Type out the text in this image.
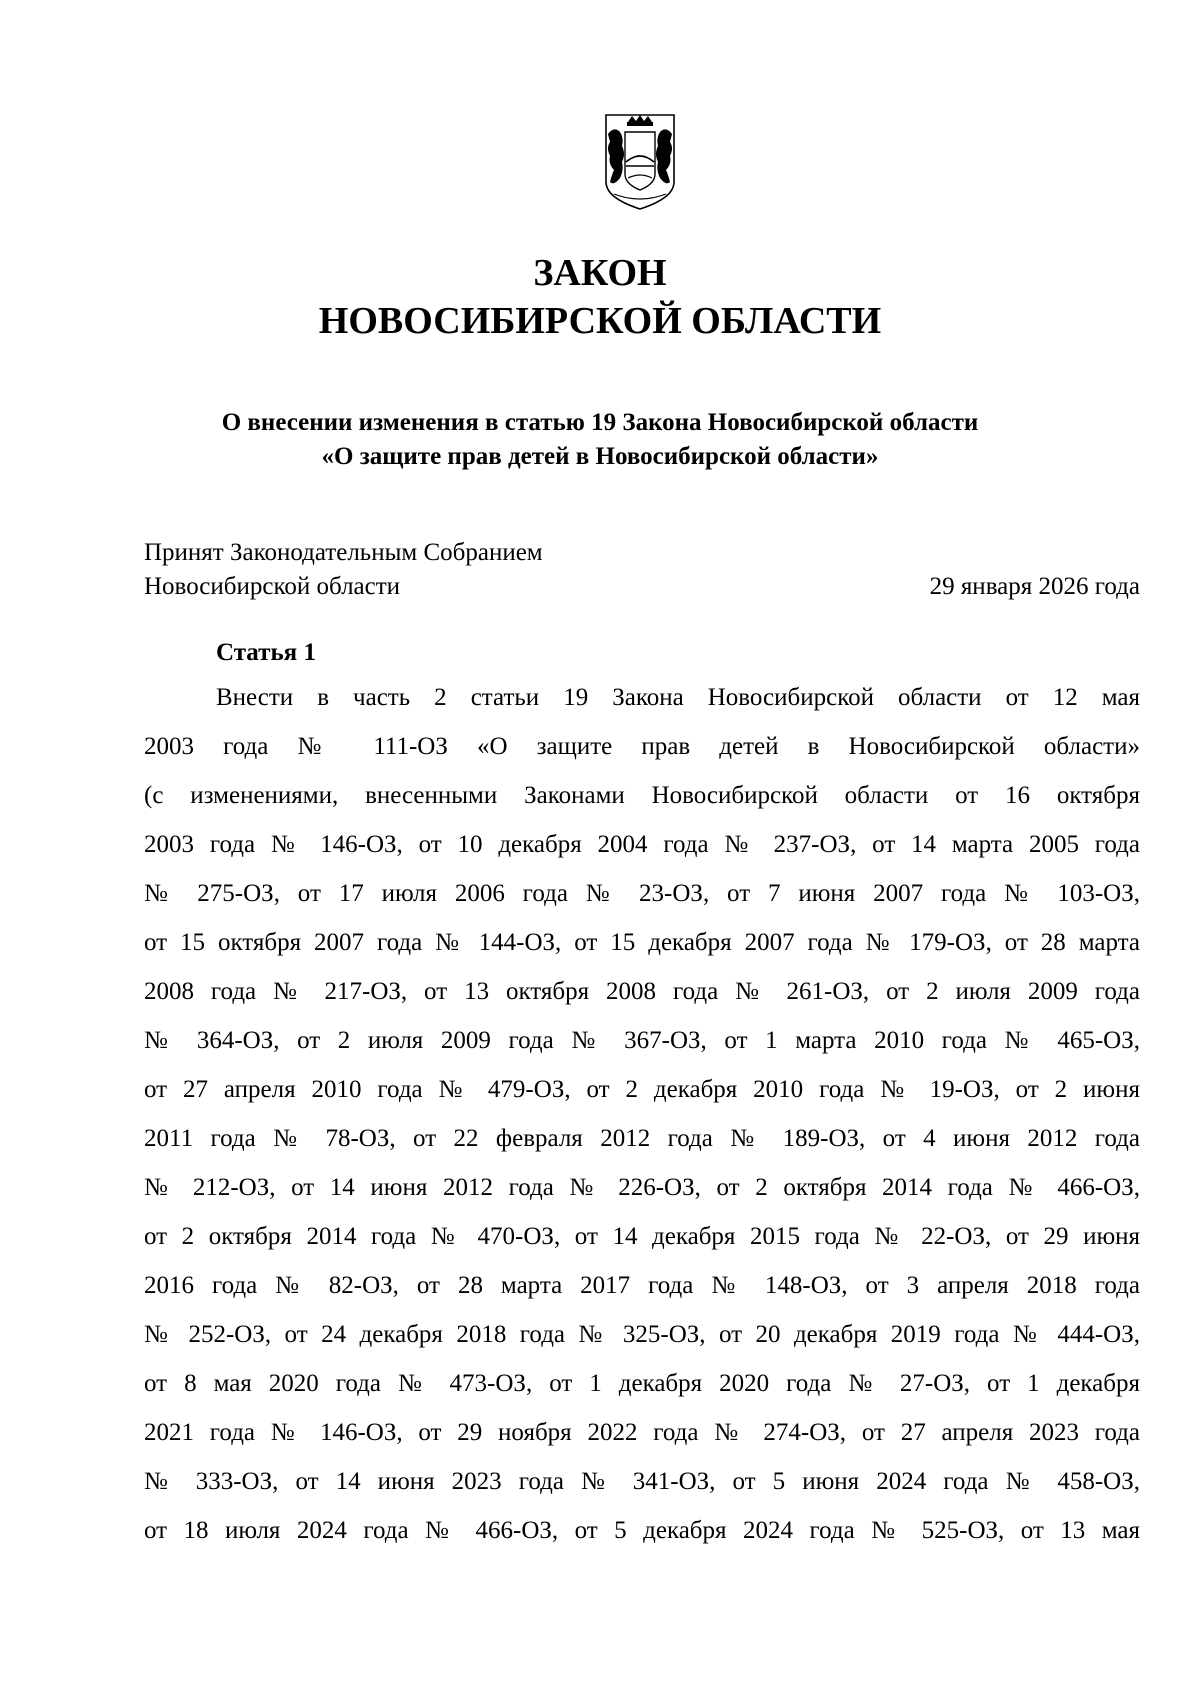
ЗАКОН
НОВОСИБИРСКОЙ ОБЛАСТИ
О внесении изменения в статью 19 Закона Новосибирской области
«О защите прав детей в Новосибирской области»
Принят Законодательным Собранием
Новосибирской области	29 января 2026 года
Статья 1
Внести в часть 2 статьи 19 Закона Новосибирской области от 12 мая
2003 года № 111-ОЗ «О защите прав детей в Новосибирской области»
(с изменениями, внесенными Законами Новосибирской области от 16 октября
2003 года № 146-ОЗ, от 10 декабря 2004 года № 237-ОЗ, от 14 марта 2005 года
№ 275-ОЗ, от 17 июля 2006 года № 23-ОЗ, от 7 июня 2007 года № 103-ОЗ,
от 15 октября 2007 года № 144-ОЗ, от 15 декабря 2007 года № 179-ОЗ, от 28 марта
2008 года № 217-ОЗ, от 13 октября 2008 года № 261-ОЗ, от 2 июля 2009 года
№ 364-ОЗ, от 2 июля 2009 года № 367-ОЗ, от 1 марта 2010 года № 465-ОЗ,
от 27 апреля 2010 года № 479-ОЗ, от 2 декабря 2010 года № 19-ОЗ, от 2 июня
2011 года № 78-ОЗ, от 22 февраля 2012 года № 189-ОЗ, от 4 июня 2012 года
№ 212-ОЗ, от 14 июня 2012 года № 226-ОЗ, от 2 октября 2014 года № 466-ОЗ,
от 2 октября 2014 года № 470-ОЗ, от 14 декабря 2015 года № 22-ОЗ, от 29 июня
2016 года № 82-ОЗ, от 28 марта 2017 года № 148-ОЗ, от 3 апреля 2018 года
№ 252-ОЗ, от 24 декабря 2018 года № 325-ОЗ, от 20 декабря 2019 года № 444-ОЗ,
от 8 мая 2020 года № 473-ОЗ, от 1 декабря 2020 года № 27-ОЗ, от 1 декабря
2021 года № 146-ОЗ, от 29 ноября 2022 года № 274-ОЗ, от 27 апреля 2023 года
№ 333-ОЗ, от 14 июня 2023 года № 341-ОЗ, от 5 июня 2024 года № 458-ОЗ,
от 18 июля 2024 года № 466-ОЗ, от 5 декабря 2024 года № 525-ОЗ, от 13 мая
